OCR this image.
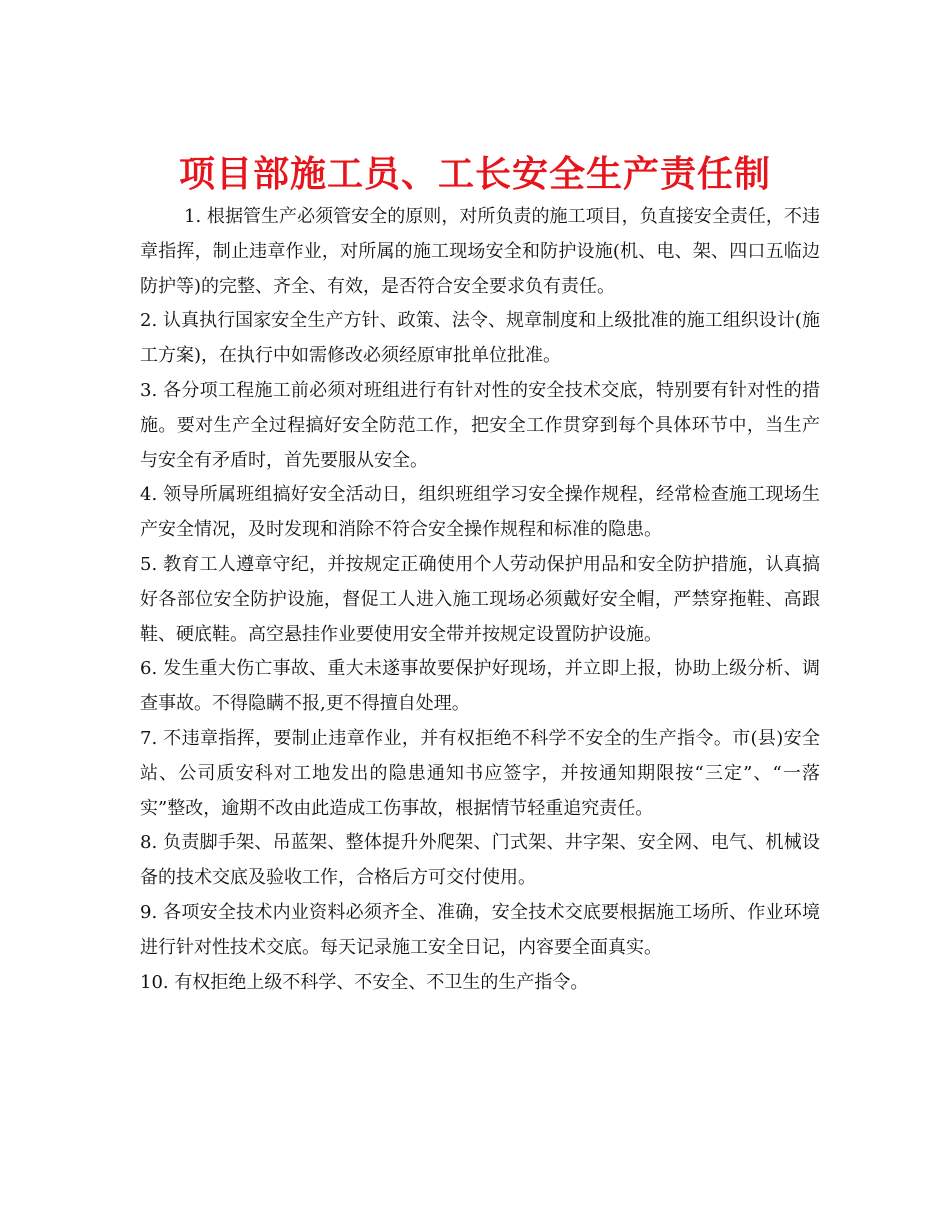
项目部施工员、工长安全生产责任制

1. 根据管生产必须管安全的原则，对所负责的施工项目，负直接安全责任，不违章指挥，制止违章作业，对所属的施工现场安全和防护设施(机、电、架、四口五临边防护等)的完整、齐全、有效，是否符合安全要求负有责任。

2. 认真执行国家安全生产方针、政策、法令、规章制度和上级批准的施工组织设计(施工方案)，在执行中如需修改必须经原审批单位批准。

3. 各分项工程施工前必须对班组进行有针对性的安全技术交底，特别要有针对性的措施。要对生产全过程搞好安全防范工作，把安全工作贯穿到每个具体环节中，当生产与安全有矛盾时，首先要服从安全。

4. 领导所属班组搞好安全活动日，组织班组学习安全操作规程，经常检查施工现场生产安全情况，及时发现和消除不符合安全操作规程和标准的隐患。

5. 教育工人遵章守纪，并按规定正确使用个人劳动保护用品和安全防护措施，认真搞好各部位安全防护设施，督促工人进入施工现场必须戴好安全帽，严禁穿拖鞋、高跟鞋、硬底鞋。高空悬挂作业要使用安全带并按规定设置防护设施。

6. 发生重大伤亡事故、重大未遂事故要保护好现场，并立即上报，协助上级分析、调查事故。不得隐瞒不报,更不得擅自处理。

7. 不违章指挥，要制止违章作业，并有权拒绝不科学不安全的生产指令。市(县)安全站、公司质安科对工地发出的隐患通知书应签字，并按通知期限按“三定”、“一落实”整改，逾期不改由此造成工伤事故，根据情节轻重追究责任。

8. 负责脚手架、吊蓝架、整体提升外爬架、门式架、井字架、安全网、电气、机械设备的技术交底及验收工作，合格后方可交付使用。

9. 各项安全技术内业资料必须齐全、准确，安全技术交底要根据施工场所、作业环境进行针对性技术交底。每天记录施工安全日记，内容要全面真实。

10. 有权拒绝上级不科学、不安全、不卫生的生产指令。
